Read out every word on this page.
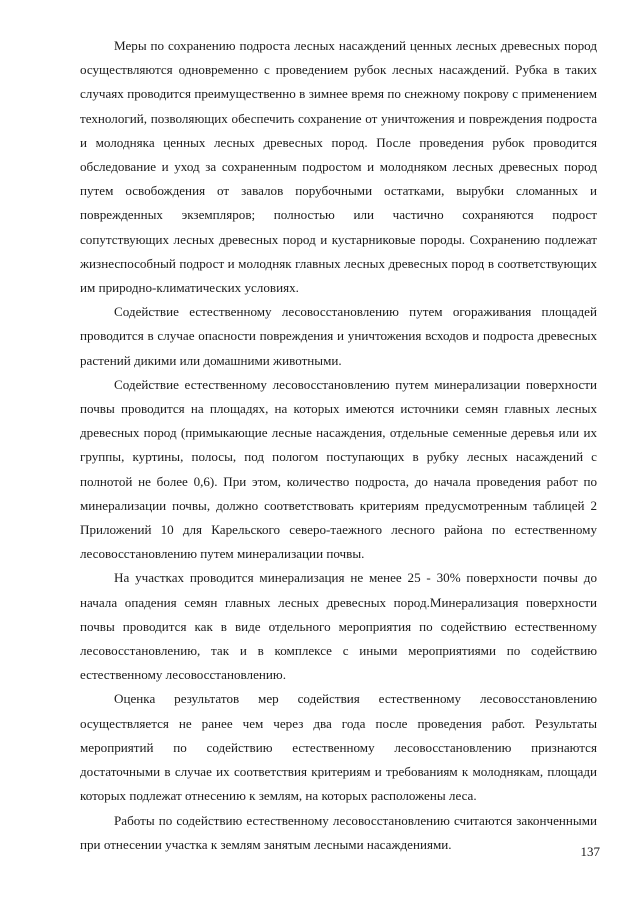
Меры по сохранению подроста лесных насаждений ценных лесных древесных пород осуществляются одновременно с проведением рубок лесных насаждений. Рубка в таких случаях проводится преимущественно в зимнее время по снежному покрову с применением технологий, позволяющих обеспечить сохранение от уничтожения и повреждения подроста и молодняка ценных лесных древесных пород. После проведения рубок проводится обследование и уход за сохраненным подростом и молодняком лесных древесных пород путем освобождения от завалов порубочными остатками, вырубки сломанных и поврежденных экземпляров; полностью или частично сохраняются подрост сопутствующих лесных древесных пород и кустарниковые породы. Сохранению подлежат жизнеспособный подрост и молодняк главных лесных древесных пород в соответствующих им природно-климатических условиях.

Содействие естественному лесовосстановлению путем огораживания площадей проводится в случае опасности повреждения и уничтожения всходов и подроста древесных растений дикими или домашними животными.

Содействие естественному лесовосстановлению путем минерализации поверхности почвы проводится на площадях, на которых имеются источники семян главных лесных древесных пород (примыкающие лесные насаждения, отдельные семенные деревья или их группы, куртины, полосы, под пологом поступающих в рубку лесных насаждений с полнотой не более 0,6). При этом, количество подроста, до начала проведения работ по минерализации почвы, должно соответствовать критериям предусмотренным таблицей 2 Приложений 10 для Карельского северо-таежного лесного района по естественному лесовосстановлению путем минерализации почвы.

На участках проводится минерализация не менее 25 - 30% поверхности почвы до начала опадения семян главных лесных древесных пород.Минерализация поверхности почвы проводится как в виде отдельного мероприятия по содействию естественному лесовосстановлению, так и в комплексе с иными мероприятиями по содействию естественному лесовосстановлению.

Оценка результатов мер содействия естественному лесовосстановлению осуществляется не ранее чем через два года после проведения работ. Результаты мероприятий по содействию естественному лесовосстановлению признаются достаточными в случае их соответствия критериям и требованиям к молоднякам, площади которых подлежат отнесению к землям, на которых расположены леса.

Работы по содействию естественному лесовосстановлению считаются законченными при отнесении участка к землям занятым лесными насаждениями.	137
